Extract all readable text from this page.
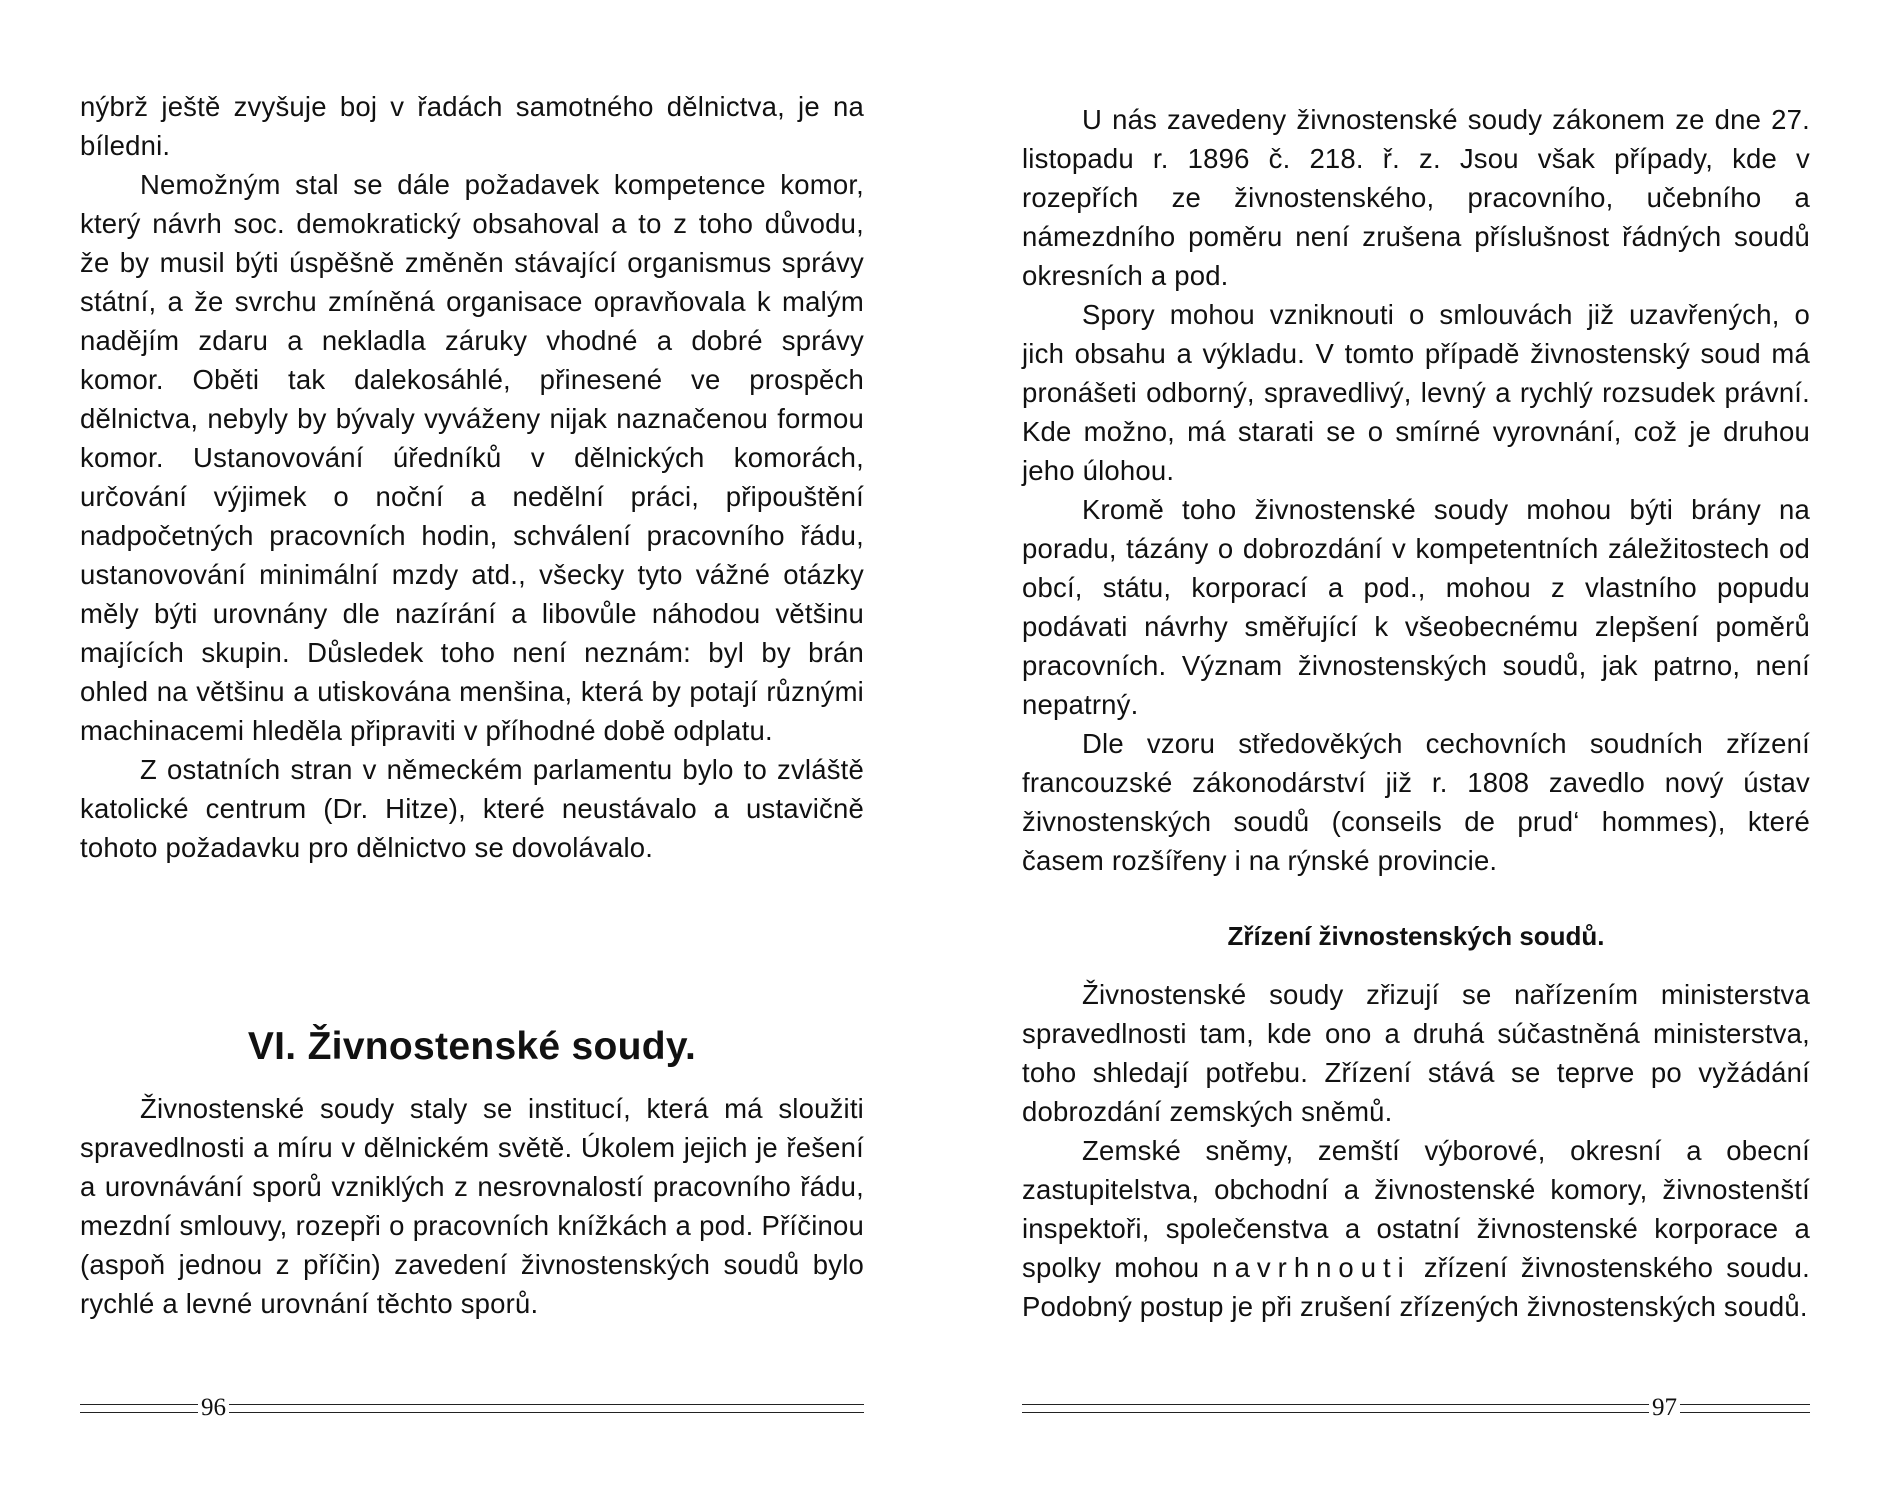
nýbrž ještě zvyšuje boj v řadách samotného dělnictva, je na bíledni.

Nemožným stal se dále požadavek kompetence komor, který návrh soc. demokratický obsahoval a to z toho důvodu, že by musil býti úspěšně změněn stávající organismus správy státní, a že svrchu zmíněná organisace opravňovala k malým nadějím zdaru a nekladla záruky vhodné a dobré správy komor. Oběti tak dalekosáhlé, přinesené ve prospěch dělnictva, nebyly by bývaly vyváženy nijak naznačenou formou komor. Ustanovování úředníků v dělnických komorách, určování výjimek o noční a nedělní práci, připouštění nadpočetných pracovních hodin, schválení pracovního řádu, ustanovování minimální mzdy atd., všecky tyto vážné otázky měly býti urovnány dle nazírání a libovůle náhodou většinu majících skupin. Důsledek toho není neznám: byl by brán ohled na většinu a utiskována menšina, která by potají různými machinacemi hleděla připraviti v příhodné době odplatu.

Z ostatních stran v německém parlamentu bylo to zvláště katolické centrum (Dr. Hitze), které neustávalo a ustavičně tohoto požadavku pro dělnictvo se dovolávalo.

VI. Živnostenské soudy.

Živnostenské soudy staly se institucí, která má sloužiti spravedlnosti a míru v dělnickém světě. Úkolem jejich je řešení a urovnávání sporů vzniklých z nesrovnalostí pracovního řádu, mezdní smlouvy, rozepři o pracovních knížkách a pod. Příčinou (aspoň jednou z příčin) zavedení živnostenských soudů bylo rychlé a levné urovnání těchto sporů.

96

U nás zavedeny živnostenské soudy zákonem ze dne 27. listopadu r. 1896 č. 218. ř. z. Jsou však případy, kde v rozepřích ze živnostenského, pracovního, učebního a námezdního poměru není zrušena příslušnost řádných soudů okresních a pod.

Spory mohou vzniknouti o smlouvách již uzavřených, o jich obsahu a výkladu. V tomto případě živnostenský soud má pronášeti odborný, spravedlivý, levný a rychlý rozsudek právní. Kde možno, má starati se o smírné vyrovnání, což je druhou jeho úlohou.

Kromě toho živnostenské soudy mohou býti brány na poradu, tázány o dobrozdání v kompetentních záležitostech od obcí, státu, korporací a pod., mohou z vlastního popudu podávati návrhy směřující k všeobecnému zlepšení poměrů pracovních. Význam živnostenských soudů, jak patrno, není nepatrný.

Dle vzoru středověkých cechovních soudních zřízení francouzské zákonodárství již r. 1808 zavedlo nový ústav živnostenských soudů (conseils de prud‘ hommes), které časem rozšířeny i na rýnské provincie.

Zřízení živnostenských soudů.

Živnostenské soudy zřizují se nařízením ministerstva spravedlnosti tam, kde ono a druhá súčastněná ministerstva, toho shledají potřebu. Zřízení stává se teprve po vyžádání dobrozdání zemských sněmů.

Zemské sněmy, zemští výborové, okresní a obecní zastupitelstva, obchodní a živnostenské komory, živnostenští inspektoři, společenstva a ostatní živnostenské korporace a spolky mohou navrhnouti zřízení živnostenského soudu. Podobný postup je při zrušení zřízených živnostenských soudů.

97
